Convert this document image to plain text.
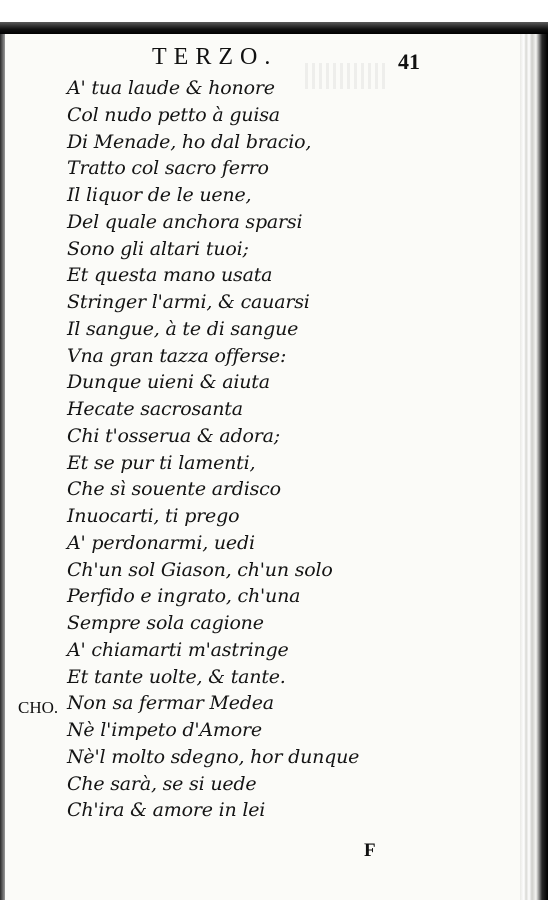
TERZO.	41
A' tua laude & honore
Col nudo petto à guisa
Di Menade, ho dal bracio,
Tratto col sacro ferro
Il liquor de le uene,
Del quale anchora sparsi
Sono gli altari tuoi;
Et questa mano usata
Stringer l'armi, & cauarsi
Il sangue, à te di sangue
Vna gran tazza offerse:
Dunque uieni & aiuta
Hecate sacrosanta
Chi t'osserua & adora;
Et se pur ti lamenti,
Che sì souente ardisco
Inuocarti, ti prego
A' perdonarmi, uedi
Ch'un sol Giason, ch'un solo
Perfido e ingrato, ch'una
Sempre sola cagione
A' chiamarti m'astringe
Et tante uolte, & tante.
Non sa fermar Medea
Nè l'impeto d'Amore
Nè'l molto sdegno, hor dunque
Che sarà, se si uede
Ch'ira & amore in lei
CHO.
F
